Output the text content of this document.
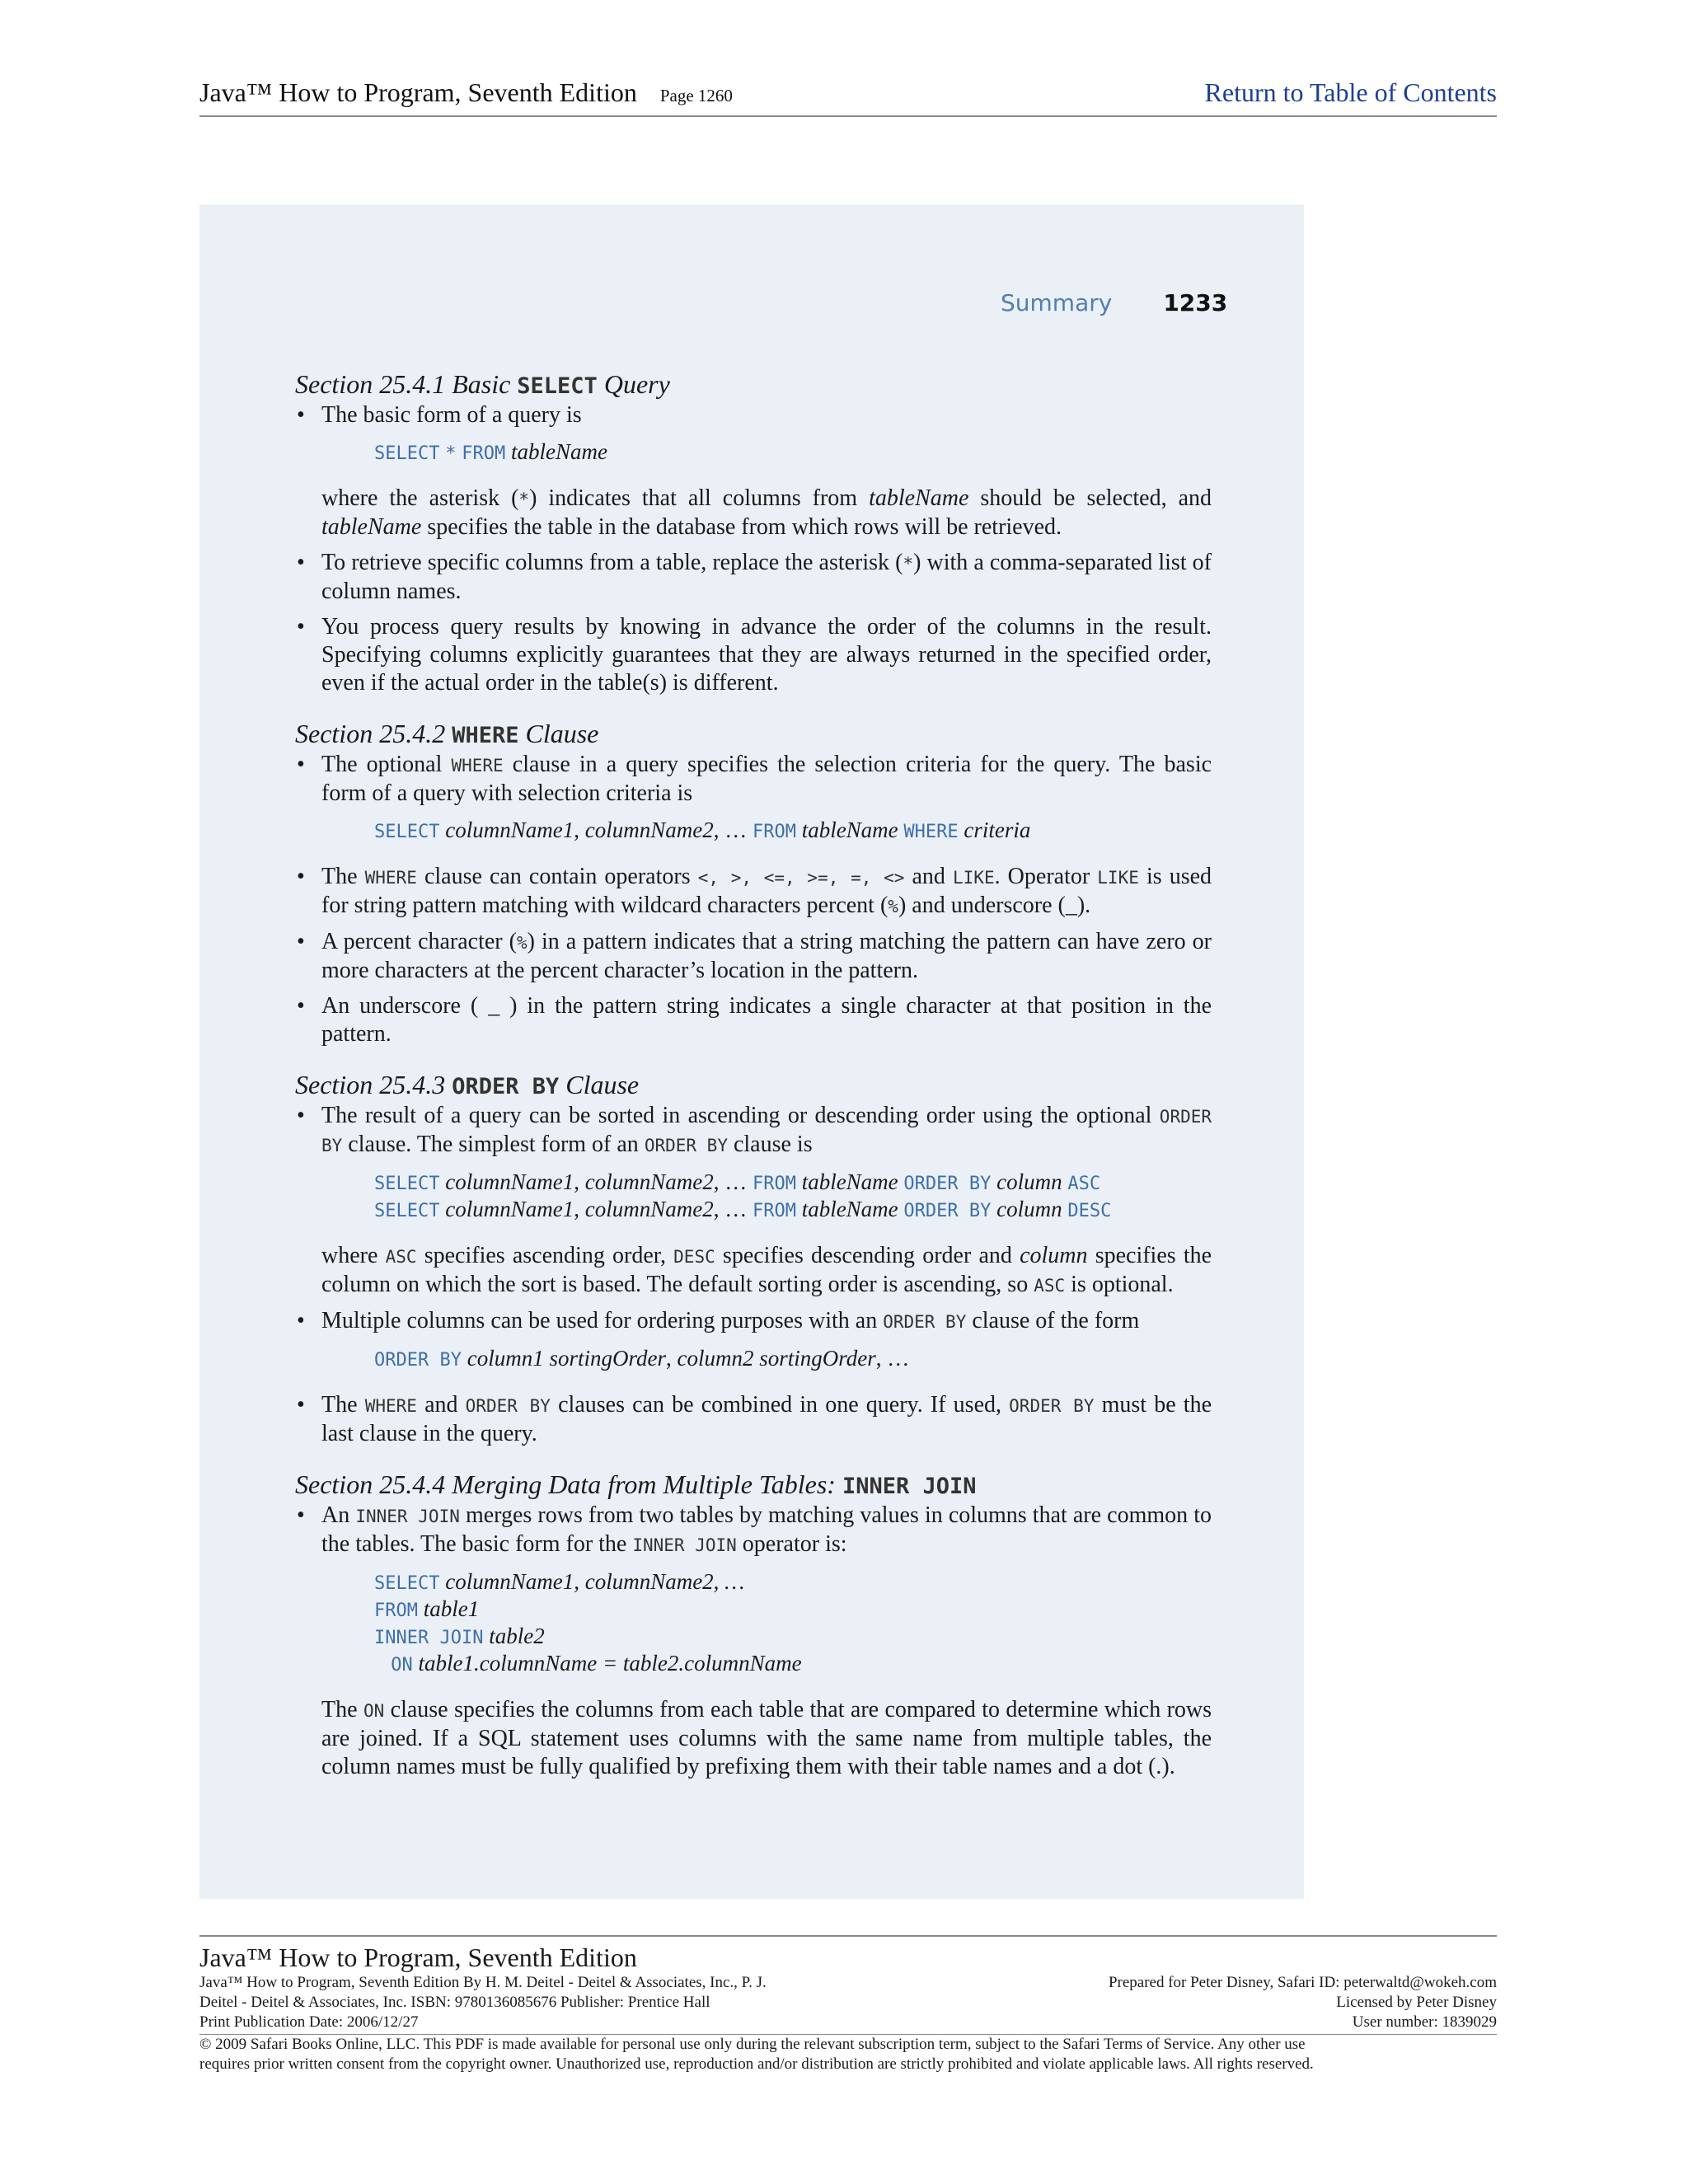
Java™ How to Program, Seventh Edition Page 1260	Return to Table of Contents
Summary 1233
Section 25.4.1 Basic SELECT Query
• The basic form of a query is
SELECT * FROM tableName
where the asterisk (*) indicates that all columns from tableName should be selected, and tableName specifies the table in the database from which rows will be retrieved.
• To retrieve specific columns from a table, replace the asterisk (*) with a comma-separated list of column names.
• You process query results by knowing in advance the order of the columns in the result. Specifying columns explicitly guarantees that they are always returned in the specified order, even if the actual order in the table(s) is different.
Section 25.4.2 WHERE Clause
• The optional WHERE clause in a query specifies the selection criteria for the query. The basic form of a query with selection criteria is
SELECT columnName1, columnName2, … FROM tableName WHERE criteria
• The WHERE clause can contain operators <, >, <=, >=, =, <> and LIKE. Operator LIKE is used for string pattern matching with wildcard characters percent (%) and underscore (_).
• A percent character (%) in a pattern indicates that a string matching the pattern can have zero or more characters at the percent character’s location in the pattern.
• An underscore ( _ ) in the pattern string indicates a single character at that position in the pattern.
Section 25.4.3 ORDER BY Clause
• The result of a query can be sorted in ascending or descending order using the optional ORDER BY clause. The simplest form of an ORDER BY clause is
SELECT columnName1, columnName2, … FROM tableName ORDER BY column ASC
SELECT columnName1, columnName2, … FROM tableName ORDER BY column DESC
where ASC specifies ascending order, DESC specifies descending order and column specifies the column on which the sort is based. The default sorting order is ascending, so ASC is optional.
• Multiple columns can be used for ordering purposes with an ORDER BY clause of the form
ORDER BY column1 sortingOrder, column2 sortingOrder, …
• The WHERE and ORDER BY clauses can be combined in one query. If used, ORDER BY must be the last clause in the query.
Section 25.4.4 Merging Data from Multiple Tables: INNER JOIN
• An INNER JOIN merges rows from two tables by matching values in columns that are common to the tables. The basic form for the INNER JOIN operator is:
SELECT columnName1, columnName2, …
FROM table1
INNER JOIN table2
ON table1.columnName = table2.columnName
The ON clause specifies the columns from each table that are compared to determine which rows are joined. If a SQL statement uses columns with the same name from multiple tables, the column names must be fully qualified by prefixing them with their table names and a dot (.).
Java™ How to Program, Seventh Edition
Java™ How to Program, Seventh Edition By H. M. Deitel - Deitel & Associates, Inc., P. J.
Deitel - Deitel & Associates, Inc. ISBN: 9780136085676 Publisher: Prentice Hall
Print Publication Date: 2006/12/27
Prepared for Peter Disney, Safari ID: peterwaltd@wokeh.com
Licensed by Peter Disney
User number: 1839029
© 2009 Safari Books Online, LLC. This PDF is made available for personal use only during the relevant subscription term, subject to the Safari Terms of Service. Any other use
requires prior written consent from the copyright owner. Unauthorized use, reproduction and/or distribution are strictly prohibited and violate applicable laws. All rights reserved.
